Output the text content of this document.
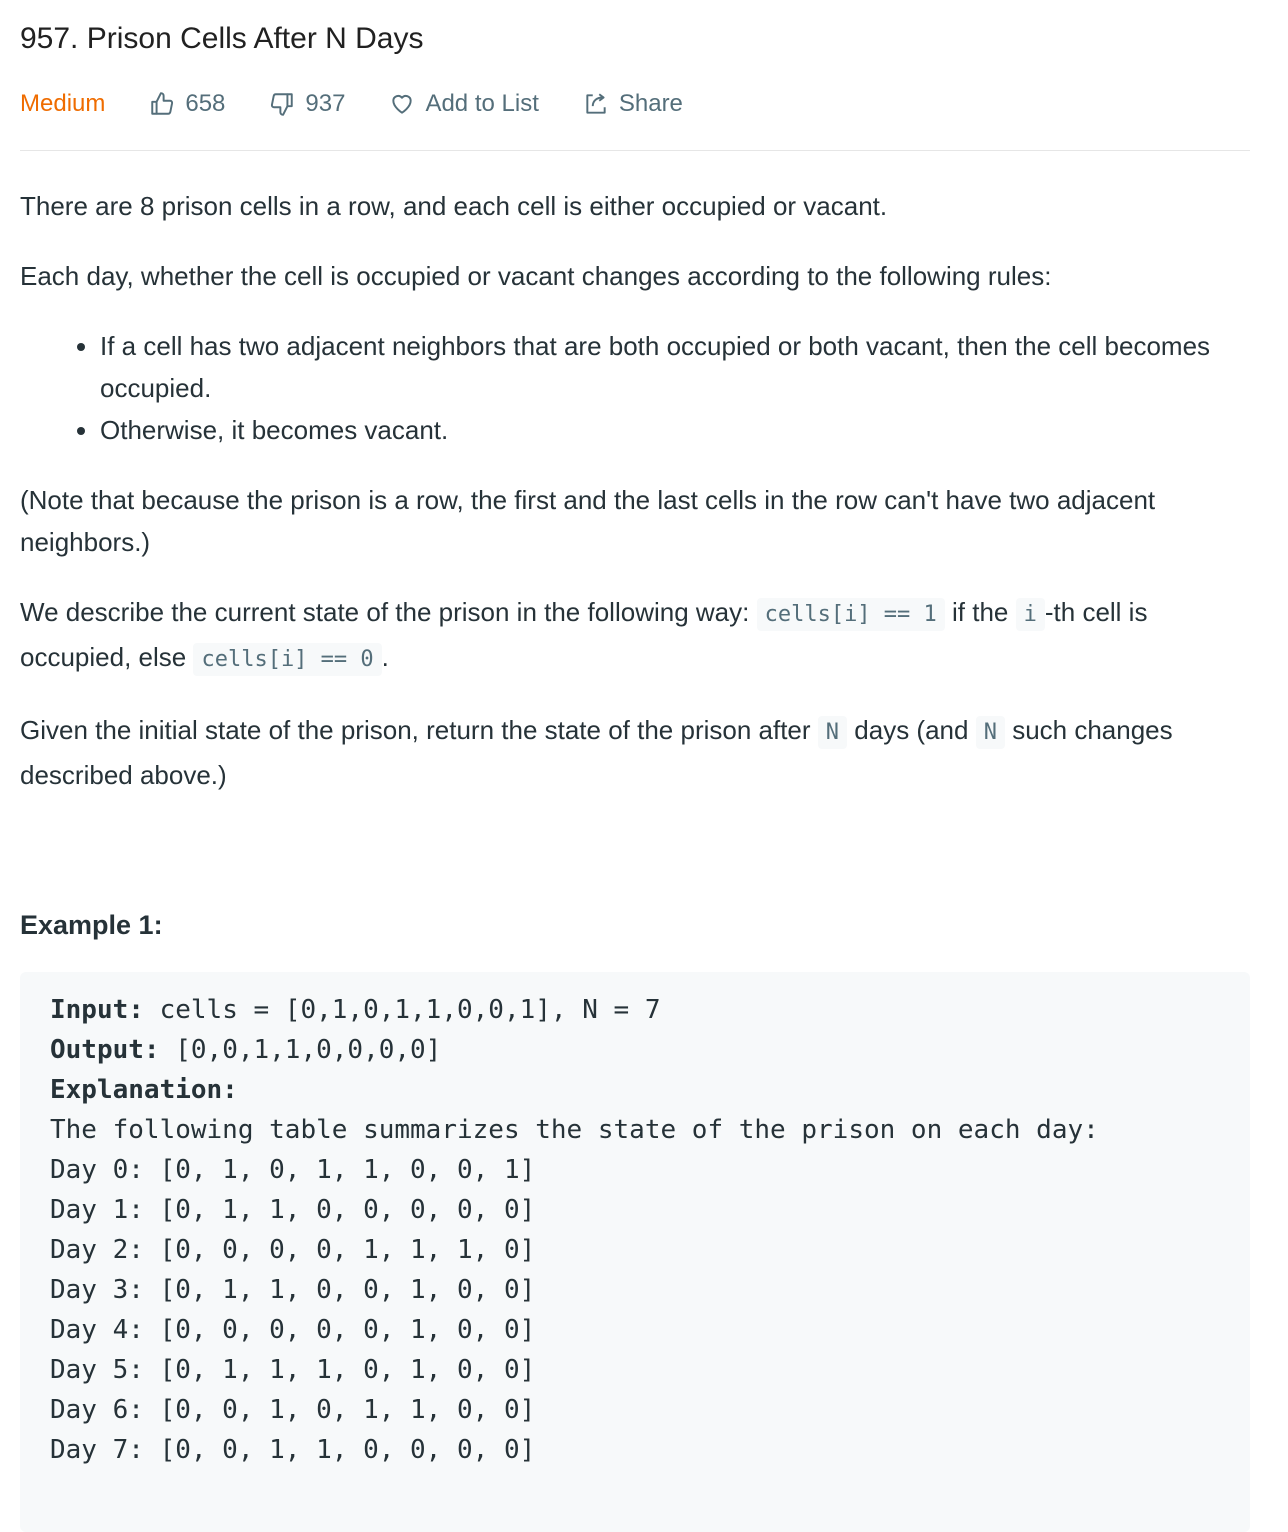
957. Prison Cells After N Days
Medium	658	937	Add to List	Share

There are 8 prison cells in a row, and each cell is either occupied or vacant.

Each day, whether the cell is occupied or vacant changes according to the following rules:

• If a cell has two adjacent neighbors that are both occupied or both vacant, then the cell becomes occupied.
• Otherwise, it becomes vacant.

(Note that because the prison is a row, the first and the last cells in the row can't have two adjacent neighbors.)

We describe the current state of the prison in the following way: cells[i] == 1 if the i -th cell is occupied, else cells[i] == 0 .

Given the initial state of the prison, return the state of the prison after N days (and N such changes described above.)

Example 1:
Input: cells = [0,1,0,1,1,0,0,1], N = 7
Output: [0,0,1,1,0,0,0,0]
Explanation:
The following table summarizes the state of the prison on each day:
Day 0: [0, 1, 0, 1, 1, 0, 0, 1]
Day 1: [0, 1, 1, 0, 0, 0, 0, 0]
Day 2: [0, 0, 0, 0, 1, 1, 1, 0]
Day 3: [0, 1, 1, 0, 0, 1, 0, 0]
Day 4: [0, 0, 0, 0, 0, 1, 0, 0]
Day 5: [0, 1, 1, 1, 0, 1, 0, 0]
Day 6: [0, 0, 1, 0, 1, 1, 0, 0]
Day 7: [0, 0, 1, 1, 0, 0, 0, 0]
